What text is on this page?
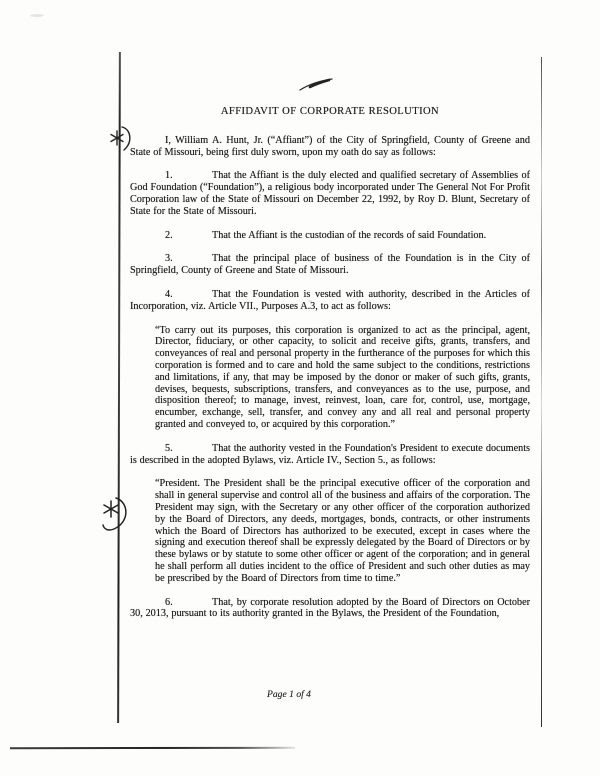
AFFIDAVIT OF CORPORATE RESOLUTION

I, William A. Hunt, Jr. (“Affiant”) of the City of Springfield, County of Greene and State of Missouri, being first duly sworn, upon my oath do say as follows:

1.	That the Affiant is the duly elected and qualified secretary of Assemblies of God Foundation (“Foundation”), a religious body incorporated under The General Not For Profit Corporation law of the State of Missouri on December 22, 1992, by Roy D. Blunt, Secretary of State for the State of Missouri.

2.	That the Affiant is the custodian of the records of said Foundation.

3.	That the principal place of business of the Foundation is in the City of Springfield, County of Greene and State of Missouri.

4.	That the Foundation is vested with authority, described in the Articles of Incorporation, viz. Article VII., Purposes A.3, to act as follows:

“To carry out its purposes, this corporation is organized to act as the principal, agent, Director, fiduciary, or other capacity, to solicit and receive gifts, grants, transfers, and conveyances of real and personal property in the furtherance of the purposes for which this corporation is formed and to care and hold the same subject to the conditions, restrictions and limitations, if any, that may be imposed by the donor or maker of such gifts, grants, devises, bequests, subscriptions, transfers, and conveyances as to the use, purpose, and disposition thereof; to manage, invest, reinvest, loan, care for, control, use, mortgage, encumber, exchange, sell, transfer, and convey any and all real and personal property granted and conveyed to, or acquired by this corporation.”

5.	That the authority vested in the Foundation's President to execute documents is described in the adopted Bylaws, viz. Article IV., Section 5., as follows:

“President. The President shall be the principal executive officer of the corporation and shall in general supervise and control all of the business and affairs of the corporation. The President may sign, with the Secretary or any other officer of the corporation authorized by the Board of Directors, any deeds, mortgages, bonds, contracts, or other instruments which the Board of Directors has authorized to be executed, except in cases where the signing and execution thereof shall be expressly delegated by the Board of Directors or by these bylaws or by statute to some other officer or agent of the corporation; and in general he shall perform all duties incident to the office of President and such other duties as may be prescribed by the Board of Directors from time to time.”

6.	That, by corporate resolution adopted by the Board of Directors on October 30, 2013, pursuant to its authority granted in the Bylaws, the President of the Foundation,

Page 1 of 4
